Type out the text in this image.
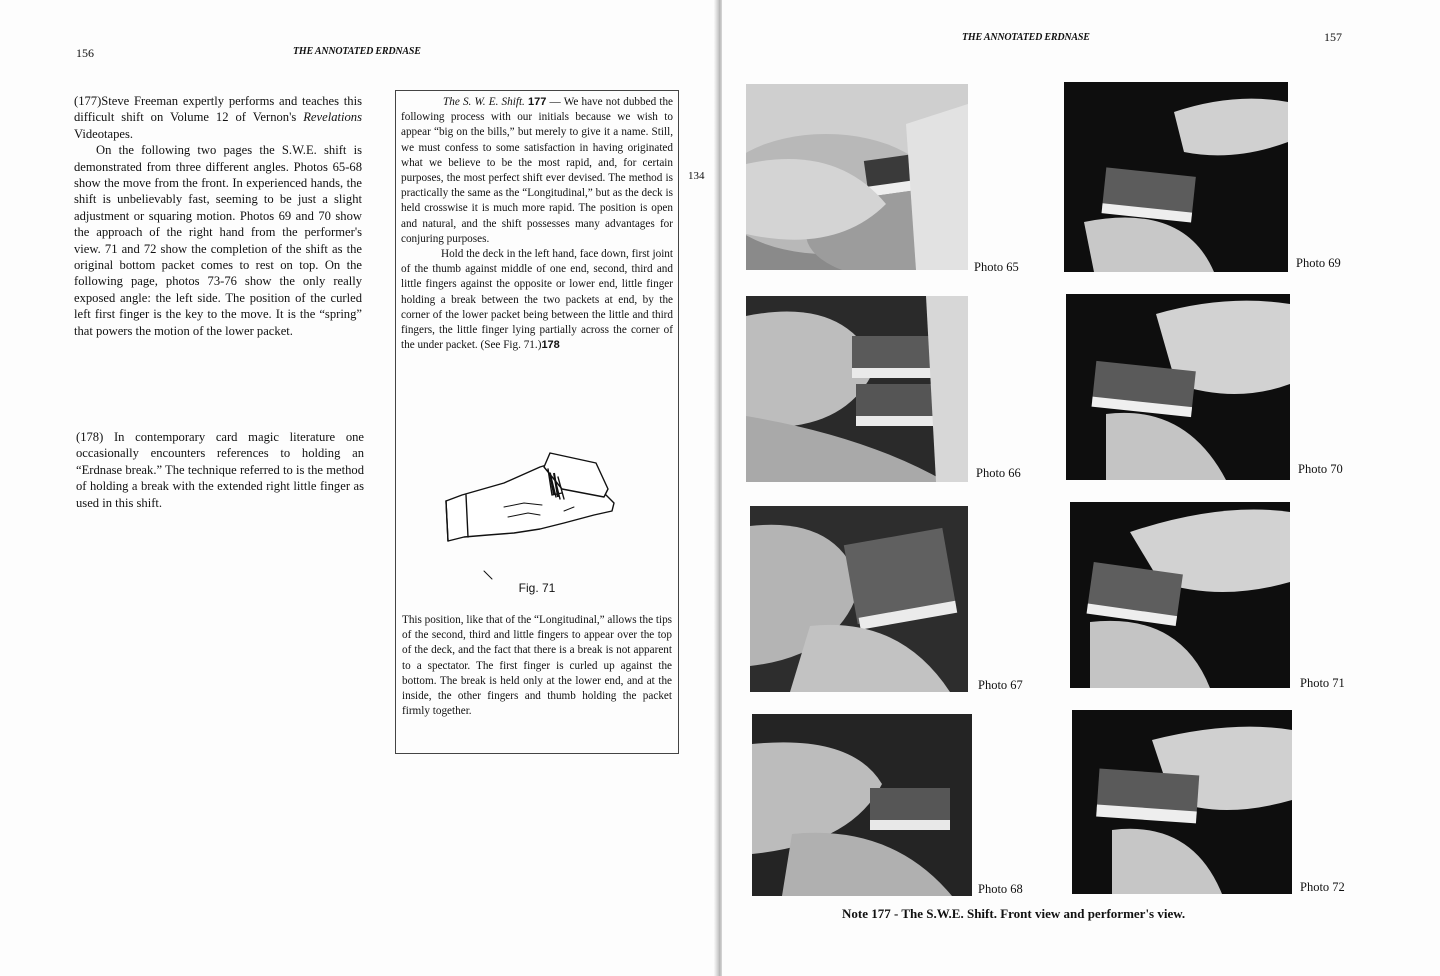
156	THE ANNOTATED ERDNASE

(177)Steve Freeman expertly performs and teaches this difficult shift on Volume 12 of Vernon's Revelations Videotapes.

On the following two pages the S.W.E. shift is demonstrated from three different angles. Photos 65-68 show the move from the front. In experienced hands, the shift is unbelievably fast, seeming to be just a slight adjustment or squaring motion. Photos 69 and 70 show the approach of the right hand from the performer's view. 71 and 72 show the completion of the shift as the original bottom packet comes to rest on top. On the following page, photos 73-76 show the only really exposed angle: the left side. The position of the curled left first finger is the key to the move. It is the “spring” that powers the motion of the lower packet.

(178) In contemporary card magic literature one occasionally encounters references to holding an “Erdnase break.” The technique referred to is the method of holding a break with the extended right little finger as used in this shift.

The S. W. E. Shift. 177 — We have not dubbed the following process with our initials because we wish to appear “big on the bills,” but merely to give it a name. Still, we must confess to some satisfaction in having originated what we believe to be the most rapid, and, for certain purposes, the most perfect shift ever devised. The method is practically the same as the “Longitudinal,” but as the deck is held crosswise it is much more rapid. The position is open and natural, and the shift possesses many advantages for conjuring purposes.

Hold the deck in the left hand, face down, first joint of the thumb against middle of one end, second, third and little fingers against the opposite or lower end, little finger holding a break between the two packets at end, by the corner of the lower packet being between the little and third fingers, the little finger lying partially across the corner of the under packet. (See Fig. 71.)178

Fig. 71

This position, like that of the “Longitudinal,” allows the tips of the second, third and little fingers to appear over the top of the deck, and the fact that there is a break is not apparent to a spectator. The first finger is curled up against the bottom. The break is held only at the lower end, and at the inside, the other fingers and thumb holding the packet firmly together.

134
THE ANNOTATED ERDNASE	157
Photo 65
Photo 66
Photo 67
Photo 68
Photo 69
Photo 70
Photo 71
Photo 72
Note 177 - The S.W.E. Shift. Front view and performer's view.
